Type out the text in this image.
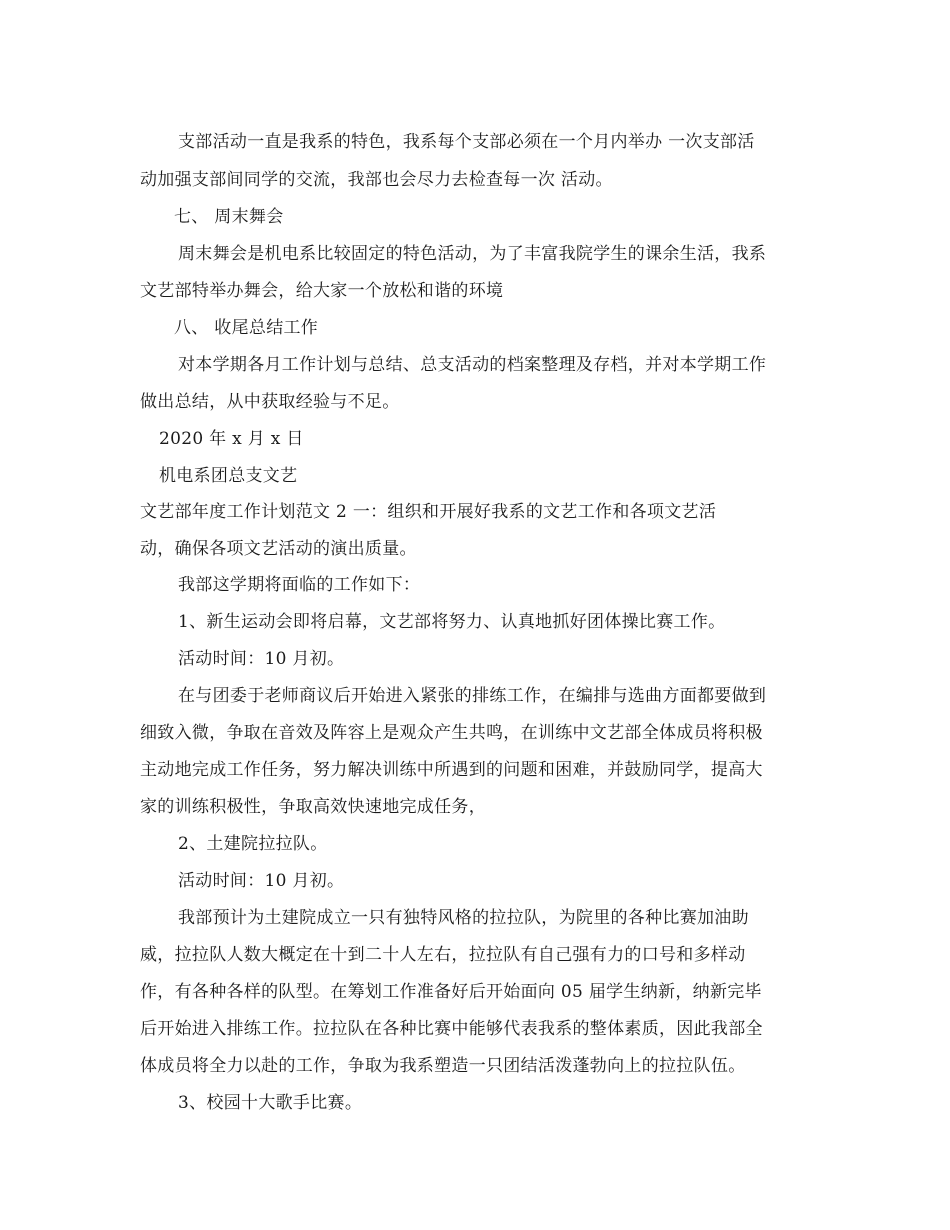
支部活动一直是我系的特色，我系每个支部必须在一个月内举办 一次支部活
动加强支部间同学的交流，我部也会尽力去检查每一次 活动。
七、 周末舞会
周末舞会是机电系比较固定的特色活动，为了丰富我院学生的课余生活，我系
文艺部特举办舞会，给大家一个放松和谐的环境
八、 收尾总结工作
对本学期各月工作计划与总结、总支活动的档案整理及存档，并对本学期工作
做出总结，从中获取经验与不足。
2020 年 x 月 x 日
机电系团总支文艺
文艺部年度工作计划范文 2 一：组织和开展好我系的文艺工作和各项文艺活
动，确保各项文艺活动的演出质量。
我部这学期将面临的工作如下：
1、新生运动会即将启幕，文艺部将努力、认真地抓好团体操比赛工作。
活动时间：10 月初。
在与团委于老师商议后开始进入紧张的排练工作，在编排与选曲方面都要做到
细致入微，争取在音效及阵容上是观众产生共鸣，在训练中文艺部全体成员将积极
主动地完成工作任务，努力解决训练中所遇到的问题和困难，并鼓励同学，提高大
家的训练积极性，争取高效快速地完成任务，
2、土建院拉拉队。
活动时间：10 月初。
我部预计为土建院成立一只有独特风格的拉拉队，为院里的各种比赛加油助
威，拉拉队人数大概定在十到二十人左右，拉拉队有自己强有力的口号和多样动
作，有各种各样的队型。在筹划工作准备好后开始面向 05 届学生纳新，纳新完毕
后开始进入排练工作。拉拉队在各种比赛中能够代表我系的整体素质，因此我部全
体成员将全力以赴的工作，争取为我系塑造一只团结活泼蓬勃向上的拉拉队伍。
3、校园十大歌手比赛。
